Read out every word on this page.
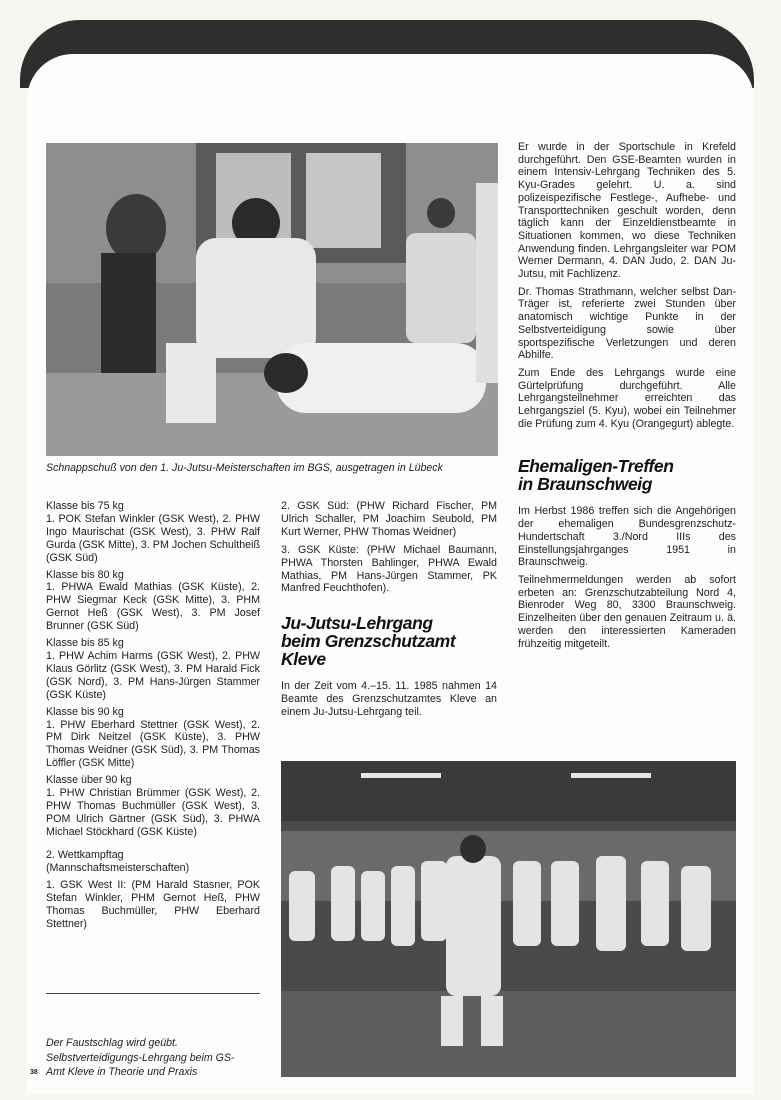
Schnappschuß von den 1. Ju-Jutsu-Meisterschaften im BGS, ausgetragen in Lübeck
Klasse bis 75 kg
1. POK Stefan Winkler (GSK West), 2. PHW Ingo Maurischat (GSK West), 3. PHW Ralf Gurda (GSK Mitte), 3. PM Jochen Schultheiß (GSK Süd)
Klasse bis 80 kg
1. PHWA Ewald Mathias (GSK Küste), 2. PHW Siegmar Keck (GSK Mitte), 3. PHM Gernot Heß (GSK West), 3. PM Josef Brunner (GSK Süd)
Klasse bis 85 kg
1. PHW Achim Harms (GSK West), 2. PHW Klaus Görlitz (GSK West), 3. PM Harald Fick (GSK Nord), 3. PM Hans-Jürgen Stammer (GSK Küste)
Klasse bis 90 kg
1. PHW Eberhard Stettner (GSK West), 2. PM Dirk Neitzel (GSK Küste), 3. PHW Thomas Weidner (GSK Süd), 3. PM Thomas Löffler (GSK Mitte)
Klasse über 90 kg
1. PHW Christian Brümmer (GSK West), 2. PHW Thomas Buchmüller (GSK West), 3. POM Ulrich Gärtner (GSK Süd), 3. PHWA Michael Stöckhard (GSK Küste)

2. Wettkampftag (Mannschaftsmeisterschaften)

1. GSK West II: (PM Harald Stasner, POK Stefan Winkler, PHM Gernot Heß, PHW Thomas Buchmüller, PHW Eberhard Stettner)

Der Faustschlag wird geübt.
Selbstverteidigungs-Lehrgang beim GS-
Amt Kleve in Theorie und Praxis
38

2. GSK Süd: (PHW Richard Fischer, PM Ulrich Schaller, PM Joachim Seubold, PM Kurt Werner, PHW Thomas Weidner)

3. GSK Küste: (PHW Michael Baumann, PHWA Thorsten Bahlinger, PHWA Ewald Mathias, PM Hans-Jürgen Stammer, PK Manfred Feuchthofen).

Ju-Jutsu-Lehrgang
beim Grenzschutzamt
Kleve

In der Zeit vom 4.–15. 11. 1985 nahmen 14 Beamte des Grenzschutzamtes Kleve an einem Ju-Jutsu-Lehrgang teil.

Er wurde in der Sportschule in Krefeld durchgeführt. Den GSE-Beamten wurden in einem Intensiv-Lehrgang Techniken des 5. Kyu-Grades gelehrt. U. a. sind polizeispezifische Festlege-, Aufhebe- und Transporttechniken geschult worden, denn täglich kann der Einzeldienstbeamte in Situationen kommen, wo diese Techniken Anwendung finden. Lehrgangsleiter war POM Werner Dermann, 4. DAN Judo, 2. DAN Ju-Jutsu, mit Fachlizenz.

Dr. Thomas Strathmann, welcher selbst Dan-Träger ist, referierte zwei Stunden über anatomisch wichtige Punkte in der Selbstverteidigung sowie über sportspezifische Verletzungen und deren Abhilfe.

Zum Ende des Lehrgangs wurde eine Gürtelprüfung durchgeführt. Alle Lehrgangsteilnehmer erreichten das Lehrgangsziel (5. Kyu), wobei ein Teilnehmer die Prüfung zum 4. Kyu (Orangegurt) ablegte.

Ehemaligen-Treffen
in Braunschweig

Im Herbst 1986 treffen sich die Angehörigen der ehemaligen Bundesgrenzschutz-Hundertschaft 3./Nord IIIs des Einstellungsjahrganges 1951 in Braunschweig.

Teilnehmermeldungen werden ab sofort erbeten an: Grenzschutzabteilung Nord 4, Bienroder Weg 80, 3300 Braunschweig. Einzelheiten über den genauen Zeitraum u. ä. werden den interessierten Kameraden frühzeitig mitgeteilt.
